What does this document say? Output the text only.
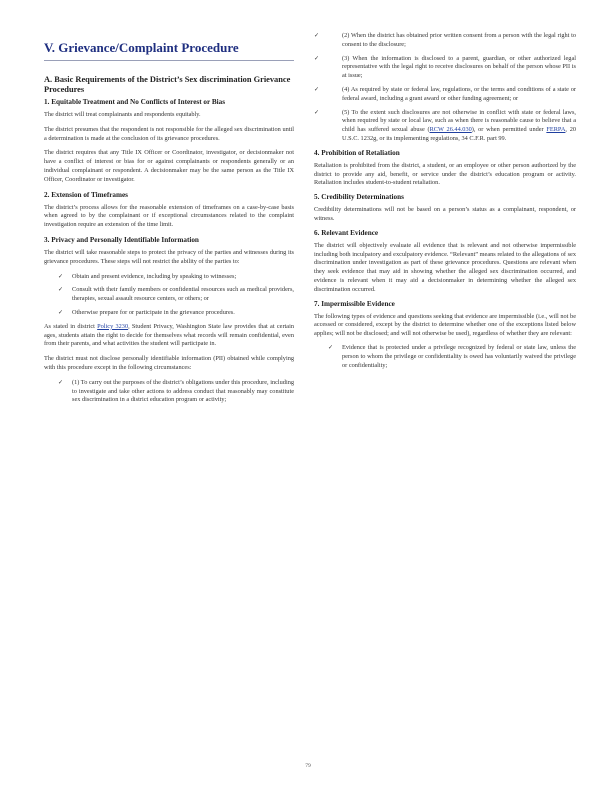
V. Grievance/Complaint Procedure
A. Basic Requirements of the District’s Sex discrimination Grievance Procedures
1. Equitable Treatment and No Conflicts of Interest or Bias

The district will treat complainants and respondents equitably.

The district presumes that the respondent is not responsible for the alleged sex discrimination until a determination is made at the conclusion of its grievance procedures.

The district requires that any Title IX Officer or Coordinator, investigator, or decisionmaker not have a conflict of interest or bias for or against complainants or respondents generally or an individual complainant or respondent. A decisionmaker may be the same person as the Title IX Officer, Coordinator or investigator.

2. Extension of Timeframes

The district’s process allows for the reasonable extension of timeframes on a case-by-case basis when agreed to by the complainant or if exceptional circumstances related to the complaint investigation require an extension of the time limit.

3. Privacy and Personally Identifiable Information

The district will take reasonable steps to protect the privacy of the parties and witnesses during its grievance procedures. These steps will not restrict the ability of the parties to:

✓ Obtain and present evidence, including by speaking to witnesses;
✓ Consult with their family members or confidential resources such as medical providers, therapies, sexual assault resource centers, or others; or
✓ Otherwise prepare for or participate in the grievance procedures.

As stated in district Policy 3230, Student Privacy, Washington State law provides that at certain ages, students attain the right to decide for themselves what records will remain confidential, even from their parents, and what activities the student will participate in.

The district must not disclose personally identifiable information (PII) obtained while complying with this procedure except in the following circumstances:

✓ (1) To carry out the purposes of the district’s obligations under this procedure, including to investigate and take other actions to address conduct that reasonably may constitute sex discrimination in a district education program or activity;
✓	(2) When the district has obtained prior written consent from a person with the legal right to consent to the disclosure;
✓	(3) When the information is disclosed to a parent, guardian, or other authorized legal representative with the legal right to receive disclosures on behalf of the person whose PII is at issue;
✓	(4) As required by state or federal law, regulations, or the terms and conditions of a state or federal award, including a grant award or other funding agreement; or
✓	(5) To the extent such disclosures are not otherwise in conflict with state or federal laws, when required by state or local law, such as when there is reasonable cause to believe that a child has suffered sexual abuse (RCW 26.44.030), or when permitted under FERPA, 20 U.S.C. 1232g, or its implementing regulations, 34 C.F.R. part 99.
4. Prohibition of Retaliation

Retaliation is prohibited from the district, a student, or an employee or other person authorized by the district to provide any aid, benefit, or service under the district’s education program or activity. Retaliation includes student-to-student retaliation.

5. Credibility Determinations

Credibility determinations will not be based on a person’s status as a complainant, respondent, or witness.

6. Relevant Evidence

The district will objectively evaluate all evidence that is relevant and not otherwise impermissible including both inculpatory and exculpatory evidence. “Relevant” means related to the allegations of sex discrimination under investigation as part of these grievance procedures. Questions are relevant when they seek evidence that may aid in showing whether the alleged sex discrimination occurred, and evidence is relevant when it may aid a decisionmaker in determining whether the alleged sex discrimination occurred.

7. Impermissible Evidence

The following types of evidence and questions seeking that evidence are impermissible (i.e., will not be accessed or considered, except by the district to determine whether one of the exceptions listed below applies; will not be disclosed; and will not otherwise be used), regardless of whether they are relevant:

✓ Evidence that is protected under a privilege recognized by federal or state law, unless the person to whom the privilege or confidentiality is owed has voluntarily waived the privilege or confidentiality;
79
